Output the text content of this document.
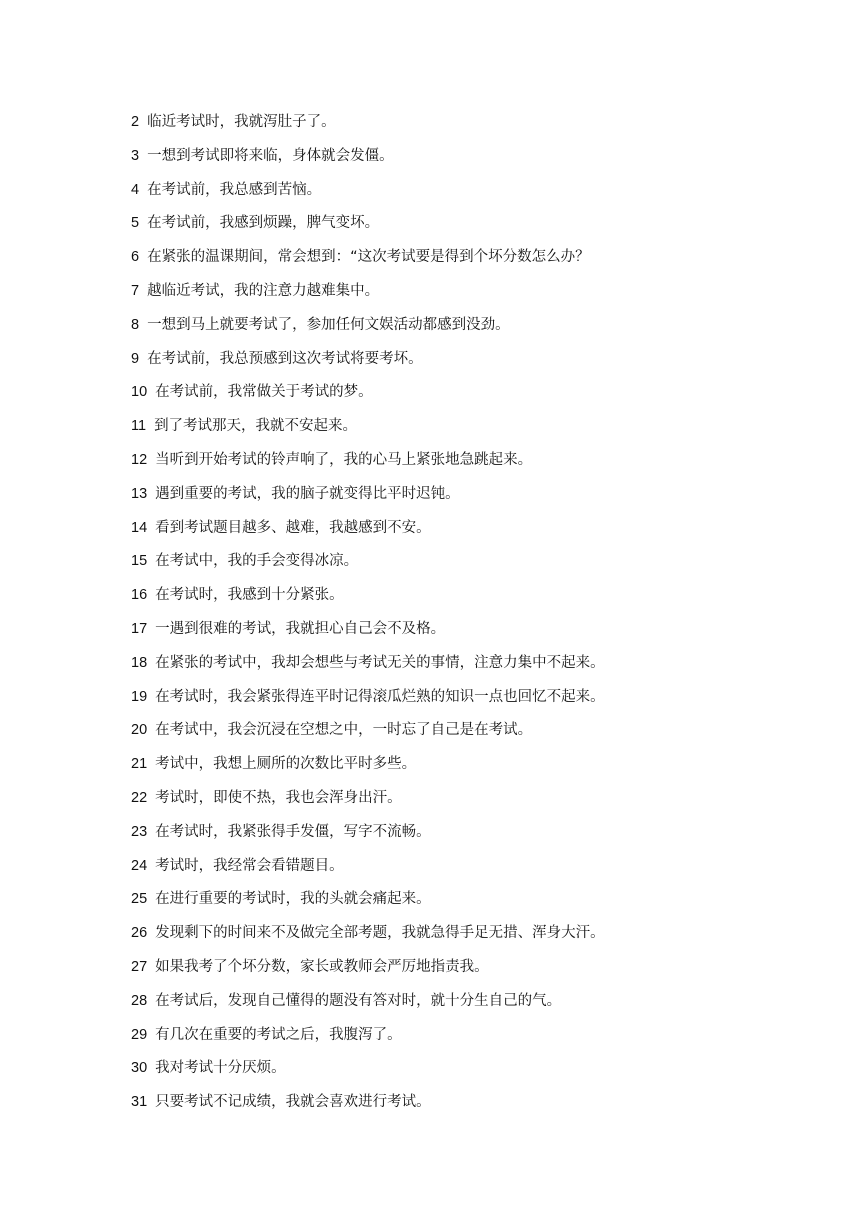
2 临近考试时，我就泻肚子了。
3 一想到考试即将来临，身体就会发僵。
4 在考试前，我总感到苦恼。
5 在考试前，我感到烦躁，脾气变坏。
6 在紧张的温课期间，常会想到：“这次考试要是得到个坏分数怎么办？
7 越临近考试，我的注意力越难集中。
8 一想到马上就要考试了，参加任何文娱活动都感到没劲。
9 在考试前，我总预感到这次考试将要考坏。
10 在考试前，我常做关于考试的梦。
11 到了考试那天，我就不安起来。
12 当听到开始考试的铃声响了，我的心马上紧张地急跳起来。
13 遇到重要的考试，我的脑子就变得比平时迟钝。
14 看到考试题目越多、越难，我越感到不安。
15 在考试中，我的手会变得冰凉。
16 在考试时，我感到十分紧张。
17 一遇到很难的考试，我就担心自己会不及格。
18 在紧张的考试中，我却会想些与考试无关的事情，注意力集中不起来。
19 在考试时，我会紧张得连平时记得滚瓜烂熟的知识一点也回忆不起来。
20 在考试中，我会沉浸在空想之中，一时忘了自己是在考试。
21 考试中，我想上厕所的次数比平时多些。
22 考试时，即使不热，我也会浑身出汗。
23 在考试时，我紧张得手发僵，写字不流畅。
24 考试时，我经常会看错题目。
25 在进行重要的考试时，我的头就会痛起来。
26 发现剩下的时间来不及做完全部考题，我就急得手足无措、浑身大汗。
27 如果我考了个坏分数，家长或教师会严厉地指责我。
28 在考试后，发现自己懂得的题没有答对时，就十分生自己的气。
29 有几次在重要的考试之后，我腹泻了。
30 我对考试十分厌烦。
31 只要考试不记成绩，我就会喜欢进行考试。
